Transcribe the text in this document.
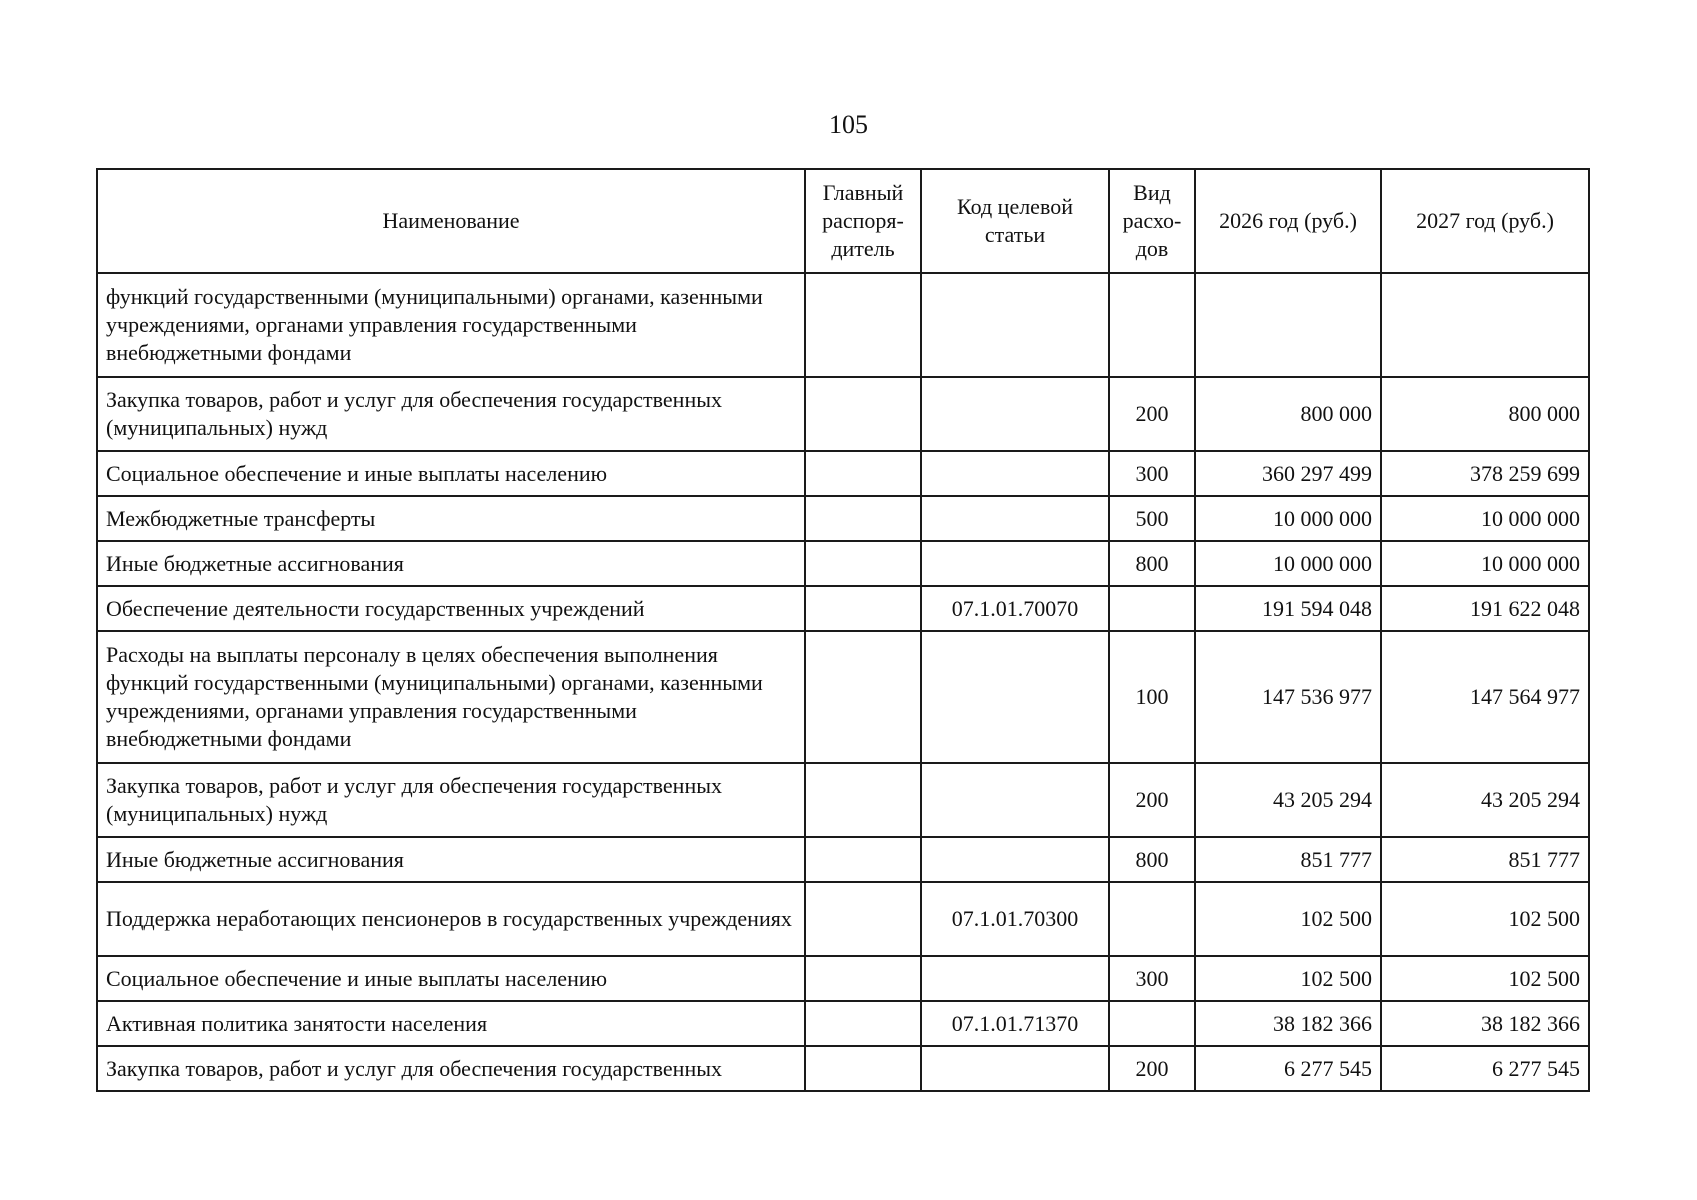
105
Наименование	Главный распоря-дитель	Код целевой статьи	Вид расхо-дов	2026 год (руб.)	2027 год (руб.)
функций государственными (муниципальными) органами, казенными учреждениями, органами управления государственными внебюджетными фондами					
Закупка товаров, работ и услуг для обеспечения государственных (муниципальных) нужд			200	800 000	800 000
Социальное обеспечение и иные выплаты населению			300	360 297 499	378 259 699
Межбюджетные трансферты			500	10 000 000	10 000 000
Иные бюджетные ассигнования			800	10 000 000	10 000 000
Обеспечение деятельности государственных учреждений		07.1.01.70070		191 594 048	191 622 048
Расходы на выплаты персоналу в целях обеспечения выполнения функций государственными (муниципальными) органами, казенными учреждениями, органами управления государственными внебюджетными фондами			100	147 536 977	147 564 977
Закупка товаров, работ и услуг для обеспечения государственных (муниципальных) нужд			200	43 205 294	43 205 294
Иные бюджетные ассигнования			800	851 777	851 777
Поддержка неработающих пенсионеров в государственных учреждениях		07.1.01.70300		102 500	102 500
Социальное обеспечение и иные выплаты населению			300	102 500	102 500
Активная политика занятости населения		07.1.01.71370		38 182 366	38 182 366
Закупка товаров, работ и услуг для обеспечения государственных			200	6 277 545	6 277 545
